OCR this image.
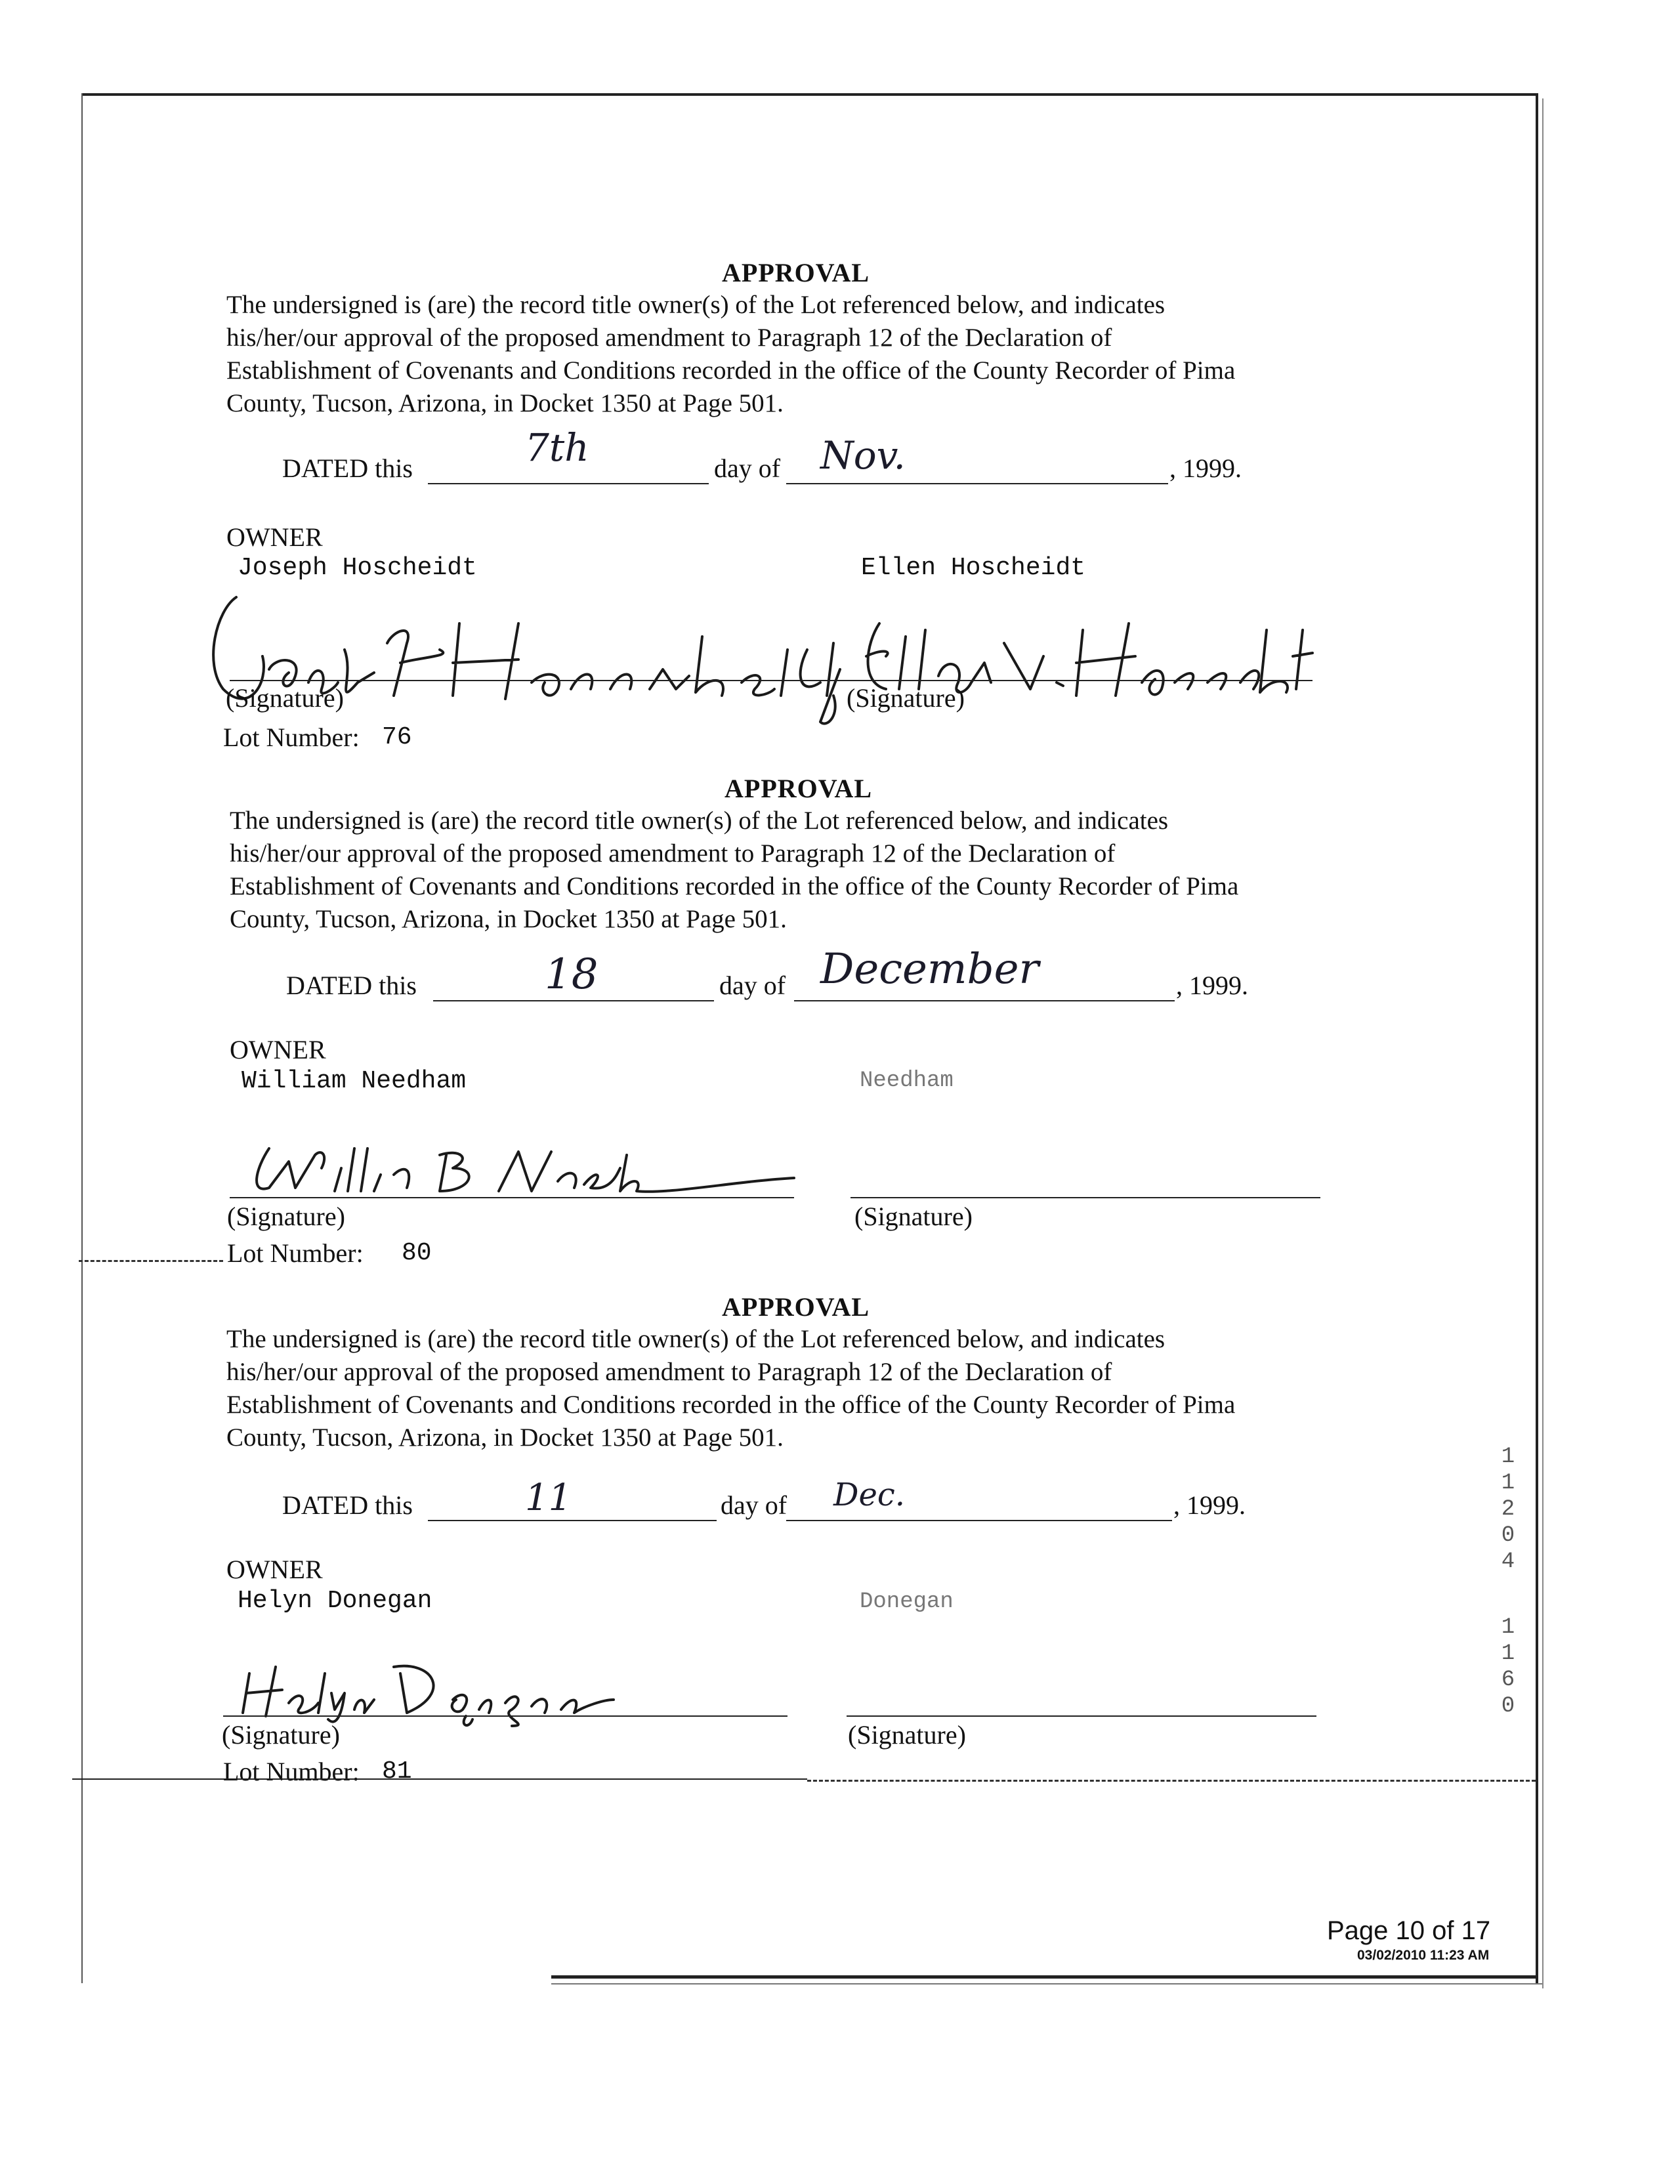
APPROVAL
The undersigned is (are) the record title owner(s) of the Lot referenced below, and indicates
his/her/our approval of the proposed amendment to Paragraph 12 of the Declaration of
Establishment of Covenants and Conditions recorded in the office of the County Recorder of Pima
County, Tucson, Arizona, in Docket 1350 at Page 501.
DATED this	7th	day of Nov.	, 1999.
OWNER
Joseph Hoscheidt	Ellen Hoscheidt
(Signature)	(Signature)
Lot Number: 76
APPROVAL
The undersigned is (are) the record title owner(s) of the Lot referenced below, and indicates
his/her/our approval of the proposed amendment to Paragraph 12 of the Declaration of
Establishment of Covenants and Conditions recorded in the office of the County Recorder of Pima
County, Tucson, Arizona, in Docket 1350 at Page 501.
DATED this	18	day of December	, 1999.
OWNER
William Needham	Needham
(Signature)	(Signature)
Lot Number: 80
APPROVAL
The undersigned is (are) the record title owner(s) of the Lot referenced below, and indicates
his/her/our approval of the proposed amendment to Paragraph 12 of the Declaration of
Establishment of Covenants and Conditions recorded in the office of the County Recorder of Pima
County, Tucson, Arizona, in Docket 1350 at Page 501.
DATED this	11	day of Dec.	, 1999.
OWNER
Helyn Donegan	Donegan
(Signature)	(Signature)
Lot Number: 81
1
1
2
0
4
1
1
6
0
Page 10 of 17
03/02/2010 11:23 AM
